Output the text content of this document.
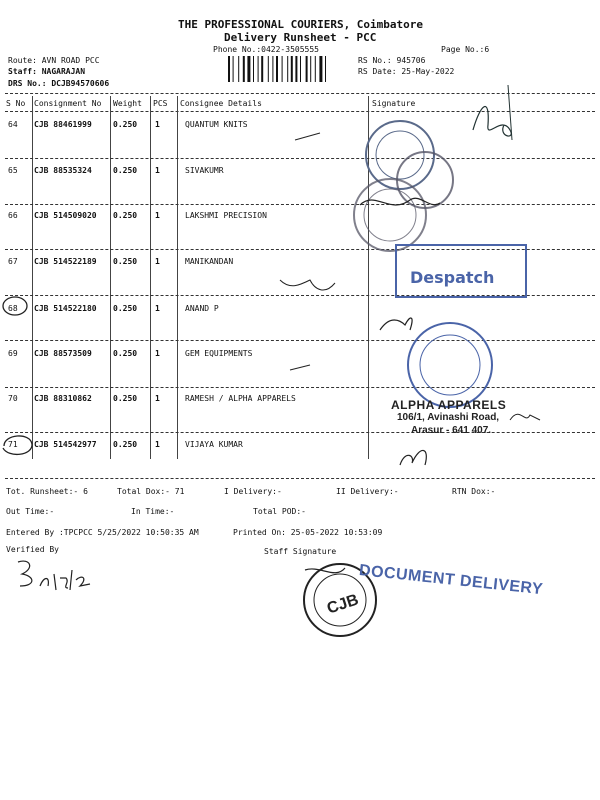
THE PROFESSIONAL COURIERS, Coimbatore
Delivery Runsheet - PCC
Phone No.:0422-3505555	Page No.:6
Route: AVN ROAD PCC
Staff: NAGARAJAN
DRS No.: DCJB94570606
RS No.: 945706
RS Date: 25-May-2022
S No Consignment No Weight PCS Consignee Details	Signature
64 CJB 88461999	0.250 1	QUANTUM KNITS
65 CJB 88535324	0.250 1	SIVAKUMR
66 CJB 514509020 0.250 1	LAKSHMI PRECISION
67 CJB 514522189 0.250 1	MANIKANDAN
68 CJB 514522180 0.250 1	ANAND P
69 CJB 88573509	0.250 1	GEM EQUIPMENTS
70 CJB 88310862	0.250 1	RAMESH / ALPHA APPARELS
71 CJB 514542977 0.250 1	VIJAYA KUMAR
Despatch
ALPHA APPARELS
106/1, Avinashi Road,
Arasur - 641 407.
Tot. Runsheet:- 6	Total Dox:- 71	I Delivery:-	II Delivery:-	RTN Dox:-
Out Time:-	In Time:-	Total POD:-
Entered By :TPCPCC 5/25/2022 10:50:35 AM	Printed On: 25-05-2022 10:53:09
Verified By	Staff Signature
CJB
DOCUMENT DELIVERY
